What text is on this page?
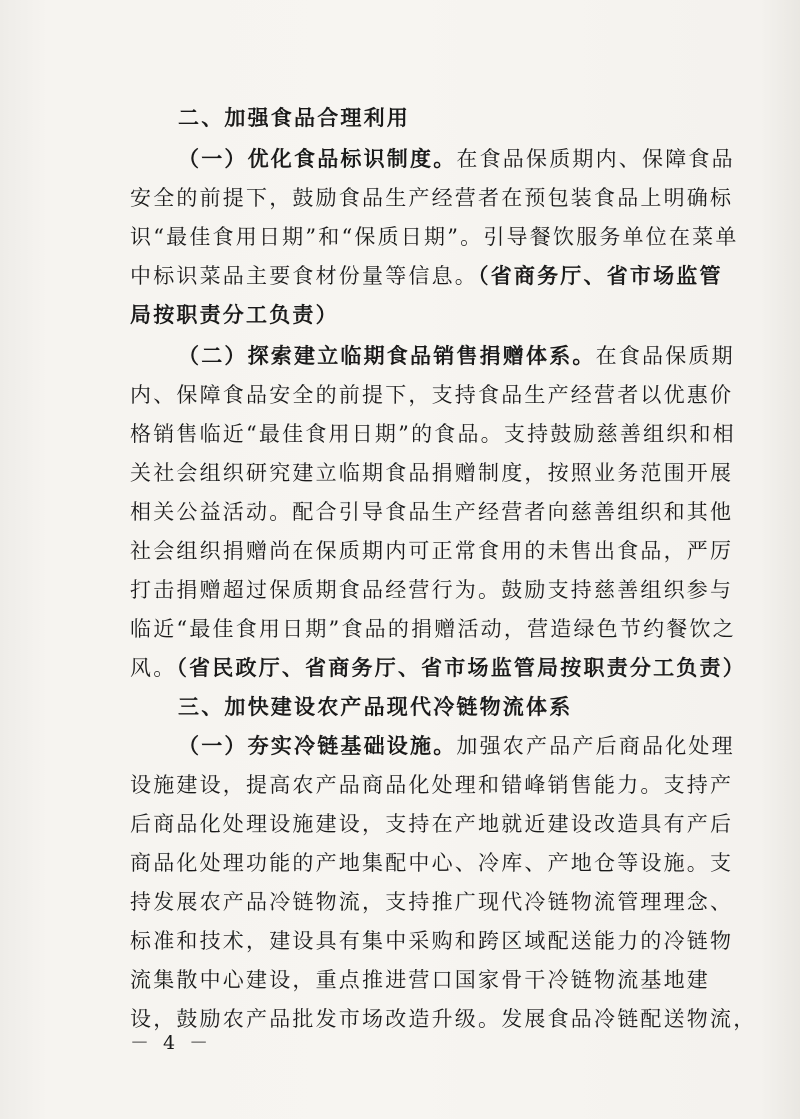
二、加强食品合理利用
（一）优化食品标识制度。在食品保质期内、保障食品
安全的前提下，鼓励食品生产经营者在预包装食品上明确标
识“最佳食用日期”和“保质日期”。引导餐饮服务单位在菜单
中标识菜品主要食材份量等信息。（省商务厅、省市场监管
局按职责分工负责）
（二）探索建立临期食品销售捐赠体系。在食品保质期
内、保障食品安全的前提下，支持食品生产经营者以优惠价
格销售临近“最佳食用日期”的食品。支持鼓励慈善组织和相
关社会组织研究建立临期食品捐赠制度，按照业务范围开展
相关公益活动。配合引导食品生产经营者向慈善组织和其他
社会组织捐赠尚在保质期内可正常食用的未售出食品，严厉
打击捐赠超过保质期食品经营行为。鼓励支持慈善组织参与
临近“最佳食用日期”食品的捐赠活动，营造绿色节约餐饮之
风。（省民政厅、省商务厅、省市场监管局按职责分工负责）
三、加快建设农产品现代冷链物流体系
（一）夯实冷链基础设施。加强农产品产后商品化处理
设施建设，提高农产品商品化处理和错峰销售能力。支持产
后商品化处理设施建设，支持在产地就近建设改造具有产后
商品化处理功能的产地集配中心、冷库、产地仓等设施。支
持发展农产品冷链物流，支持推广现代冷链物流管理理念、
标准和技术，建设具有集中采购和跨区域配送能力的冷链物
流集散中心建设，重点推进营口国家骨干冷链物流基地建
设，鼓励农产品批发市场改造升级。发展食品冷链配送物流，
－ 4 －
